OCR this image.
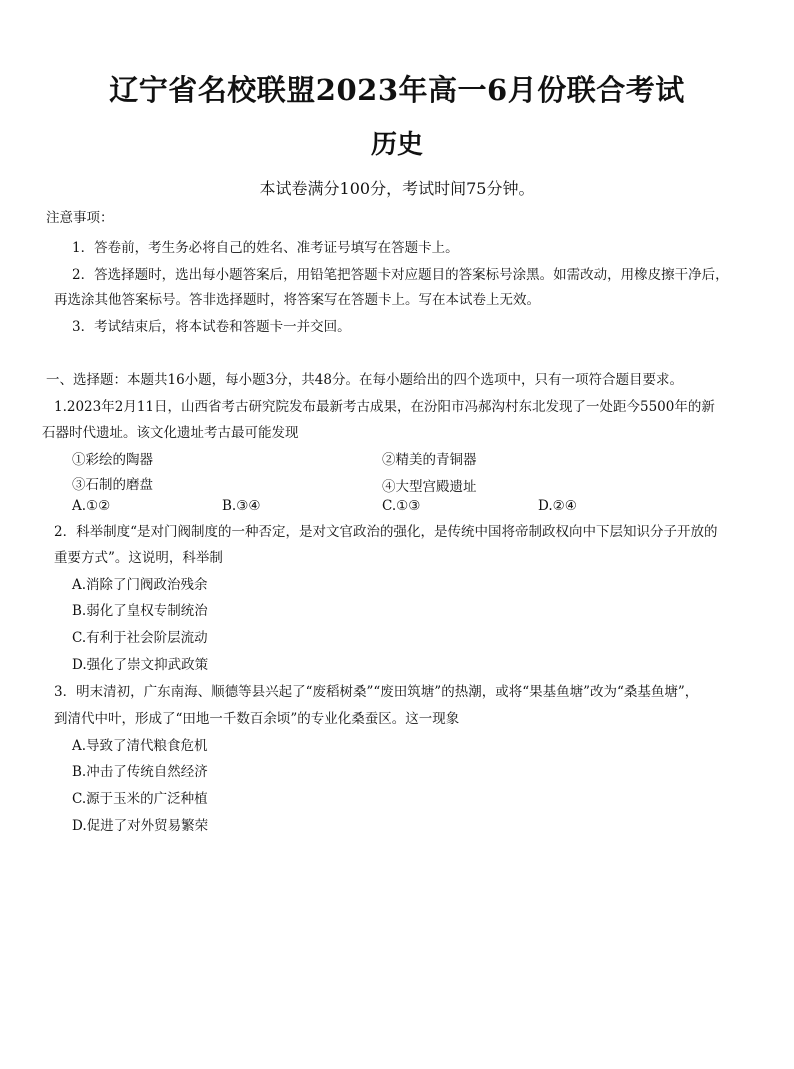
辽宁省名校联盟2023年高一6月份联合考试
历史
本试卷满分100分，考试时间75分钟。
注意事项：
1．答卷前，考生务必将自己的姓名、准考证号填写在答题卡上。
2．答选择题时，选出每小题答案后，用铅笔把答题卡对应题目的答案标号涂黑。如需改动，用橡皮擦干净后，
再选涂其他答案标号。答非选择题时，将答案写在答题卡上。写在本试卷上无效。
3．考试结束后，将本试卷和答题卡一并交回。
一、选择题：本题共16小题，每小题3分，共48分。在每小题给出的四个选项中，只有一项符合题目要求。
1.2023年2月11日，山西省考古研究院发布最新考古成果，在汾阳市冯郝沟村东北发现了一处距今5500年的新
石器时代遗址。该文化遗址考古最可能发现
①彩绘的陶器	②精美的青铜器
③石制的磨盘	④大型宫殿遗址
A.①②	B.③④	C.①③	D.②④
2．科举制度“是对门阀制度的一种否定，是对文官政治的强化，是传统中国将帝制政权向中下层知识分子开放的
重要方式”。这说明，科举制
A.消除了门阀政治残余
B.弱化了皇权专制统治
C.有利于社会阶层流动
D.强化了崇文抑武政策
3．明末清初，广东南海、顺德等县兴起了“废稻树桑”“废田筑塘”的热潮，或将“果基鱼塘”改为“桑基鱼塘”，
到清代中叶，形成了“田地一千数百余顷”的专业化桑蚕区。这一现象
A.导致了清代粮食危机
B.冲击了传统自然经济
C.源于玉米的广泛种植
D.促进了对外贸易繁荣
